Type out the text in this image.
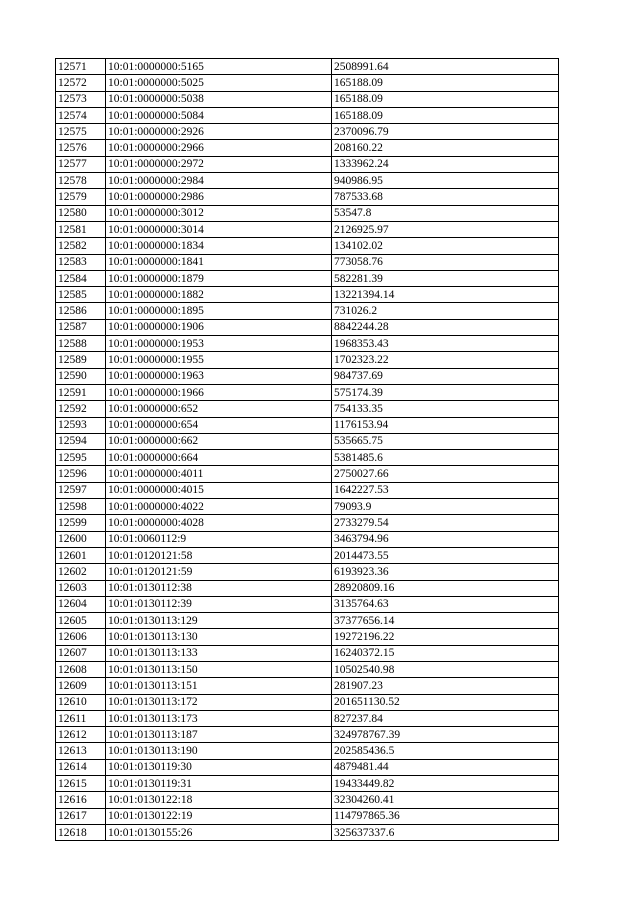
12571	10:01:0000000:5165	2508991.64
12572	10:01:0000000:5025	165188.09
12573	10:01:0000000:5038	165188.09
12574	10:01:0000000:5084	165188.09
12575	10:01:0000000:2926	2370096.79
12576	10:01:0000000:2966	208160.22
12577	10:01:0000000:2972	1333962.24
12578	10:01:0000000:2984	940986.95
12579	10:01:0000000:2986	787533.68
12580	10:01:0000000:3012	53547.8
12581	10:01:0000000:3014	2126925.97
12582	10:01:0000000:1834	134102.02
12583	10:01:0000000:1841	773058.76
12584	10:01:0000000:1879	582281.39
12585	10:01:0000000:1882	13221394.14
12586	10:01:0000000:1895	731026.2
12587	10:01:0000000:1906	8842244.28
12588	10:01:0000000:1953	1968353.43
12589	10:01:0000000:1955	1702323.22
12590	10:01:0000000:1963	984737.69
12591	10:01:0000000:1966	575174.39
12592	10:01:0000000:652	754133.35
12593	10:01:0000000:654	1176153.94
12594	10:01:0000000:662	535665.75
12595	10:01:0000000:664	5381485.6
12596	10:01:0000000:4011	2750027.66
12597	10:01:0000000:4015	1642227.53
12598	10:01:0000000:4022	79093.9
12599	10:01:0000000:4028	2733279.54
12600	10:01:0060112:9	3463794.96
12601	10:01:0120121:58	2014473.55
12602	10:01:0120121:59	6193923.36
12603	10:01:0130112:38	28920809.16
12604	10:01:0130112:39	3135764.63
12605	10:01:0130113:129	37377656.14
12606	10:01:0130113:130	19272196.22
12607	10:01:0130113:133	16240372.15
12608	10:01:0130113:150	10502540.98
12609	10:01:0130113:151	281907.23
12610	10:01:0130113:172	201651130.52
12611	10:01:0130113:173	827237.84
12612	10:01:0130113:187	324978767.39
12613	10:01:0130113:190	202585436.5
12614	10:01:0130119:30	4879481.44
12615	10:01:0130119:31	19433449.82
12616	10:01:0130122:18	32304260.41
12617	10:01:0130122:19	114797865.36
12618	10:01:0130155:26	325637337.6
